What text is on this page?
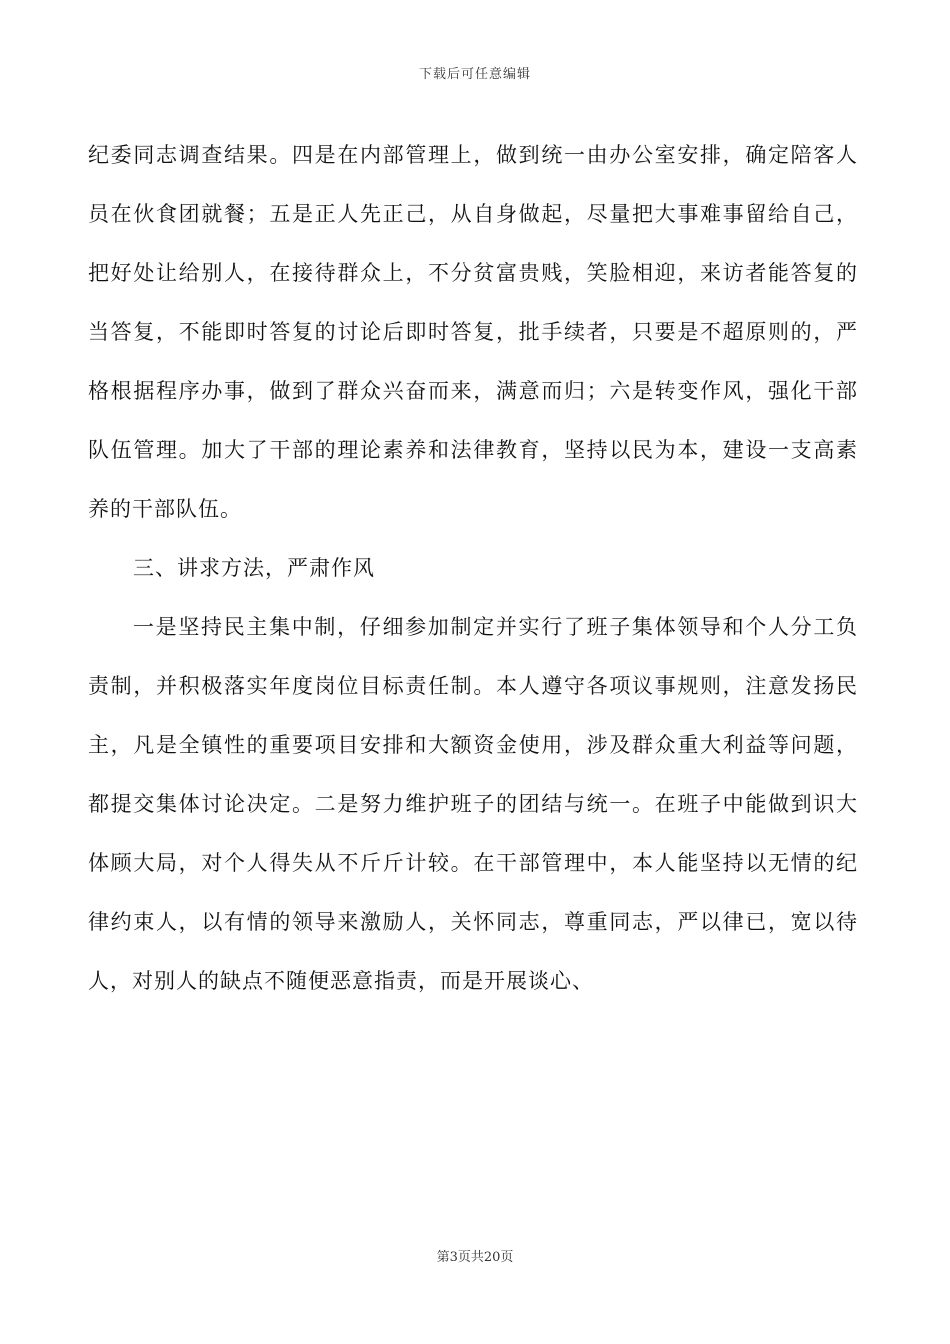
下载后可任意编辑
纪委同志调查结果。四是在内部管理上，做到统一由办公室安排，确定陪客人
员在伙食团就餐；五是正人先正己，从自身做起，尽量把大事难事留给自己，
把好处让给别人，在接待群众上，不分贫富贵贱，笑脸相迎，来访者能答复的
当答复，不能即时答复的讨论后即时答复，批手续者，只要是不超原则的，严
格根据程序办事，做到了群众兴奋而来，满意而归；六是转变作风，强化干部
队伍管理。加大了干部的理论素养和法律教育，坚持以民为本，建设一支高素
养的干部队伍。
三、讲求方法，严肃作风
一是坚持民主集中制，仔细参加制定并实行了班子集体领导和个人分工负
责制，并积极落实年度岗位目标责任制。本人遵守各项议事规则，注意发扬民
主，凡是全镇性的重要项目安排和大额资金使用，涉及群众重大利益等问题，
都提交集体讨论决定。二是努力维护班子的团结与统一。在班子中能做到识大
体顾大局，对个人得失从不斤斤计较。在干部管理中，本人能坚持以无情的纪
律约束人，以有情的领导来激励人，关怀同志，尊重同志，严以律已，宽以待
人，对别人的缺点不随便恶意指责，而是开展谈心、
第3页共20页
